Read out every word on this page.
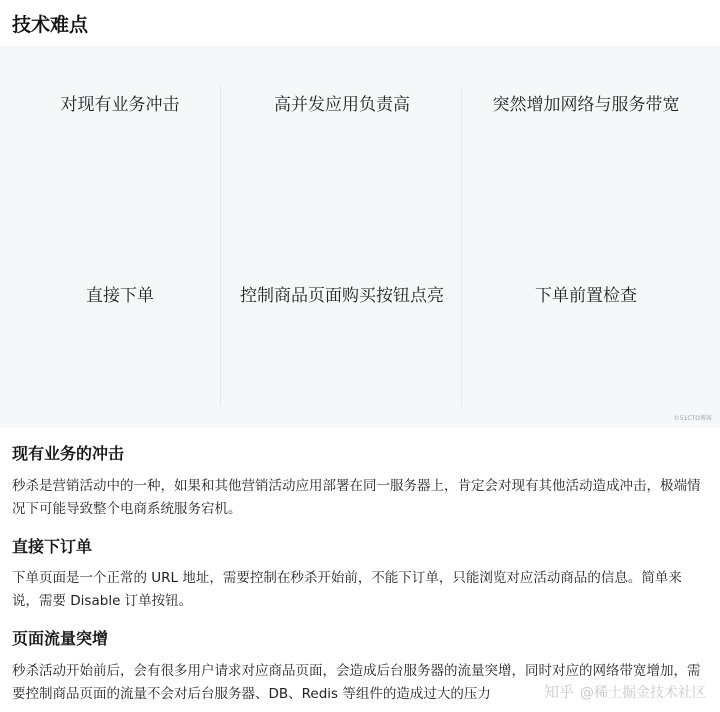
技术难点
对现有业务冲击	高并发应用负责高	突然增加网络与服务带宽
直接下单	控制商品页面购买按钮点亮	下单前置检查
©51CTO博客
现有业务的冲击
秒杀是营销活动中的一种，如果和其他营销活动应用部署在同一服务器上，肯定会对现有其他活动造成冲击，极端情况下可能导致整个电商系统服务宕机。
直接下订单
下单页面是一个正常的 URL 地址，需要控制在秒杀开始前，不能下订单，只能浏览对应活动商品的信息。简单来说，需要 Disable 订单按钮。
页面流量突增
秒杀活动开始前后，会有很多用户请求对应商品页面，会造成后台服务器的流量突增，同时对应的网络带宽增加，需要控制商品页面的流量不会对后台服务器、DB、Redis 等组件的造成过大的压力	知乎 @稀土掘金技术社区
